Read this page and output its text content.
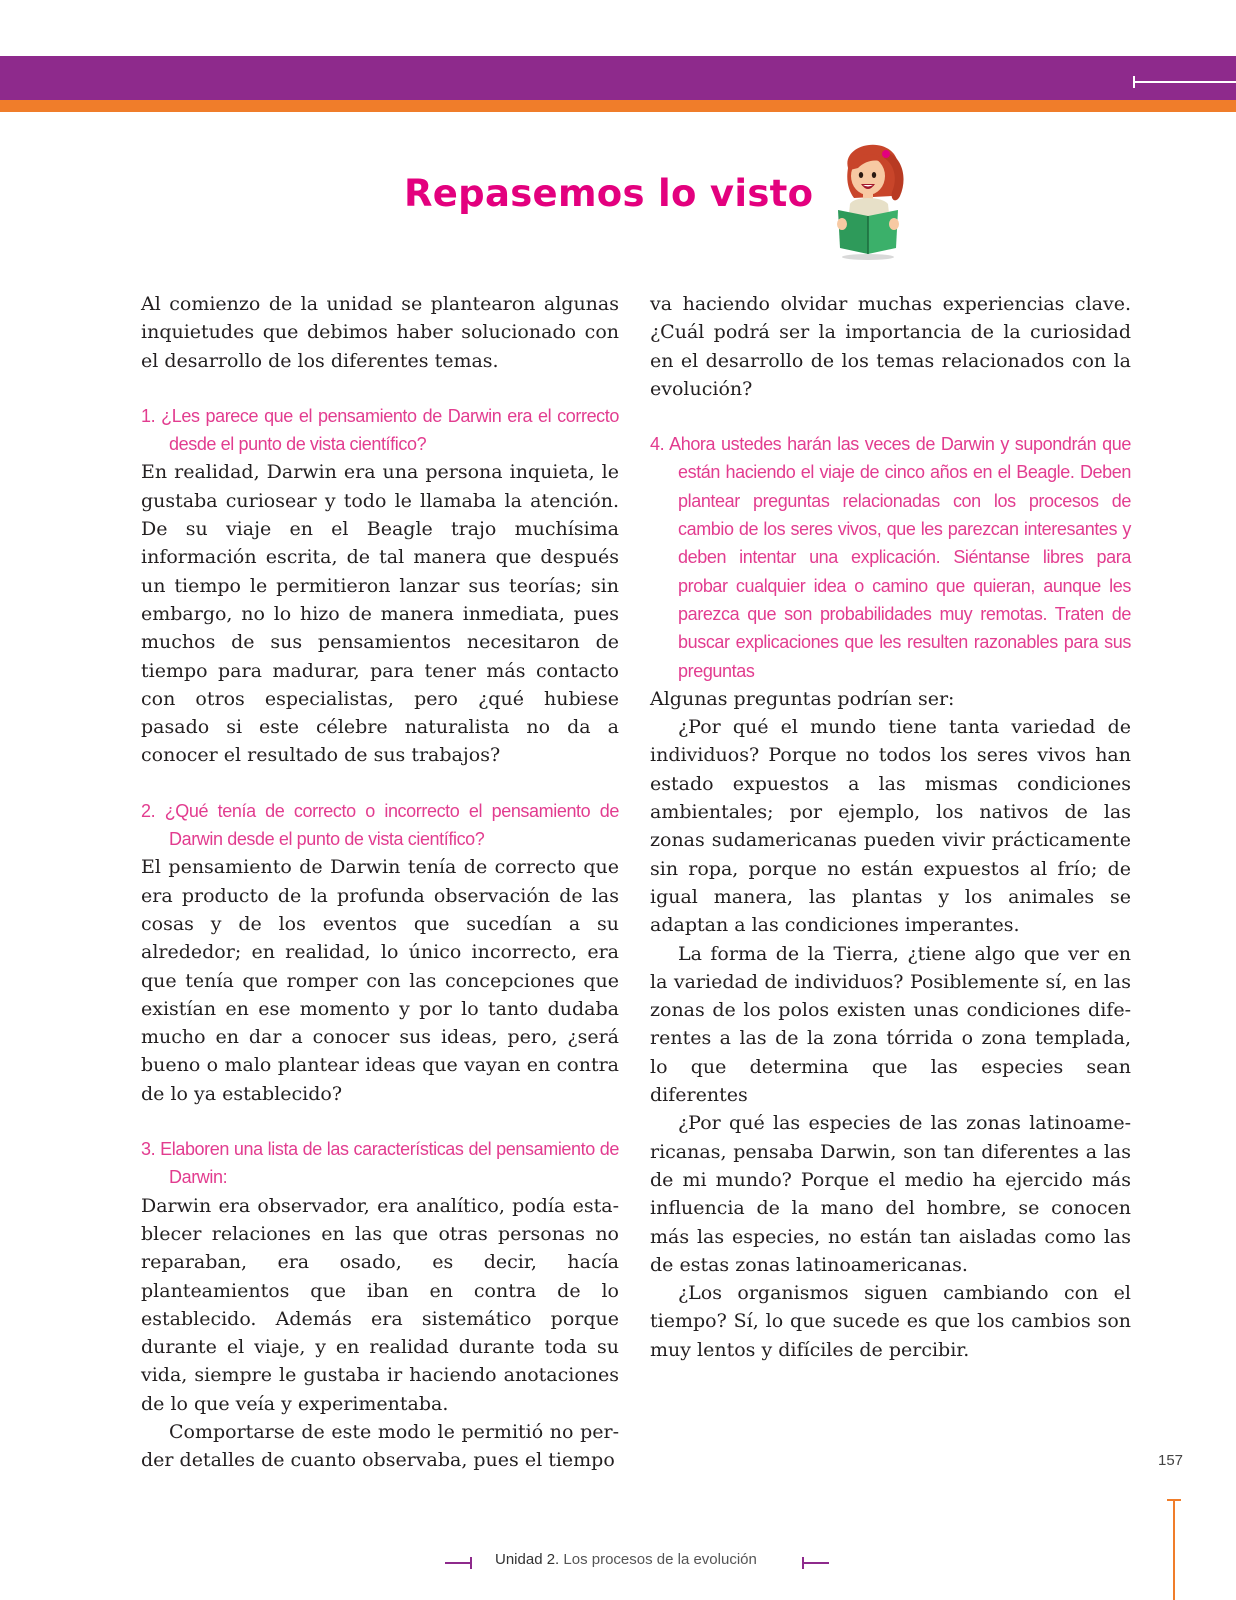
Repasemos lo visto

Al comienzo de la unidad se plantearon algunas inquietudes que debimos haber solucionado con el desarrollo de los diferentes temas.

1. ¿Les parece que el pensamiento de Darwin era el correcto desde el punto de vista científico?

En realidad, Darwin era una persona inquieta, le gustaba curiosear y todo le llamaba la atención. De su viaje en el Beagle trajo muchísima información escrita, de tal manera que después un tiempo le permitieron lanzar sus teorías; sin embargo, no lo hizo de manera inmediata, pues muchos de sus pensamientos necesitaron de tiempo para madurar, para tener más contacto con otros especialistas, pero ¿qué hubiese pasado si este célebre naturalista no da a conocer el resultado de sus trabajos?

2. ¿Qué tenía de correcto o incorrecto el pensamiento de Darwin desde el punto de vista científico?

El pensamiento de Darwin tenía de correcto que era producto de la profunda observación de las cosas y de los eventos que sucedían a su alrededor; en realidad, lo único incorrecto, era que tenía que romper con las concepciones que existían en ese momento y por lo tanto dudaba mucho en dar a conocer sus ideas, pero, ¿será bueno o malo plantear ideas que vayan en contra de lo ya establecido?

3. Elaboren una lista de las características del pensamiento de Darwin:

Darwin era observador, era analítico, podía establecer relaciones en las que otras personas no reparaban, era osado, es decir, hacía planteamientos que iban en contra de lo establecido. Además era sistemático porque durante el viaje, y en realidad durante toda su vida, siempre le gustaba ir haciendo anotaciones de lo que veía y experimentaba.

Comportarse de este modo le permitió no perder detalles de cuanto observaba, pues el tiempo

va haciendo olvidar muchas experiencias clave. ¿Cuál podrá ser la importancia de la curiosidad en el desarrollo de los temas relacionados con la evolución?

4. Ahora ustedes harán las veces de Darwin y supondrán que están haciendo el viaje de cinco años en el Beagle. Deben plantear preguntas relacionadas con los procesos de cambio de los seres vivos, que les parezcan interesantes y deben intentar una explicación. Siéntanse libres para probar cualquier idea o camino que quieran, aunque les parezca que son probabilidades muy remotas. Traten de buscar explicaciones que les resulten razonables para sus preguntas

Algunas preguntas podrían ser:

¿Por qué el mundo tiene tanta variedad de individuos? Porque no todos los seres vivos han estado expuestos a las mismas condiciones ambientales; por ejemplo, los nativos de las zonas sudamericanas pueden vivir prácticamente sin ropa, porque no están expuestos al frío; de igual manera, las plantas y los animales se adaptan a las condiciones imperantes.

La forma de la Tierra, ¿tiene algo que ver en la variedad de individuos? Posiblemente sí, en las zonas de los polos existen unas condiciones diferentes a las de la zona tórrida o zona templada, lo que determina que las especies sean diferentes

¿Por qué las especies de las zonas latinoamericanas, pensaba Darwin, son tan diferentes a las de mi mundo? Porque el medio ha ejercido más influencia de la mano del hombre, se conocen más las especies, no están tan aisladas como las de estas zonas latinoamericanas.

¿Los organismos siguen cambiando con el tiempo? Sí, lo que sucede es que los cambios son muy lentos y difíciles de percibir.

157
Unidad 2. Los procesos de la evolución
